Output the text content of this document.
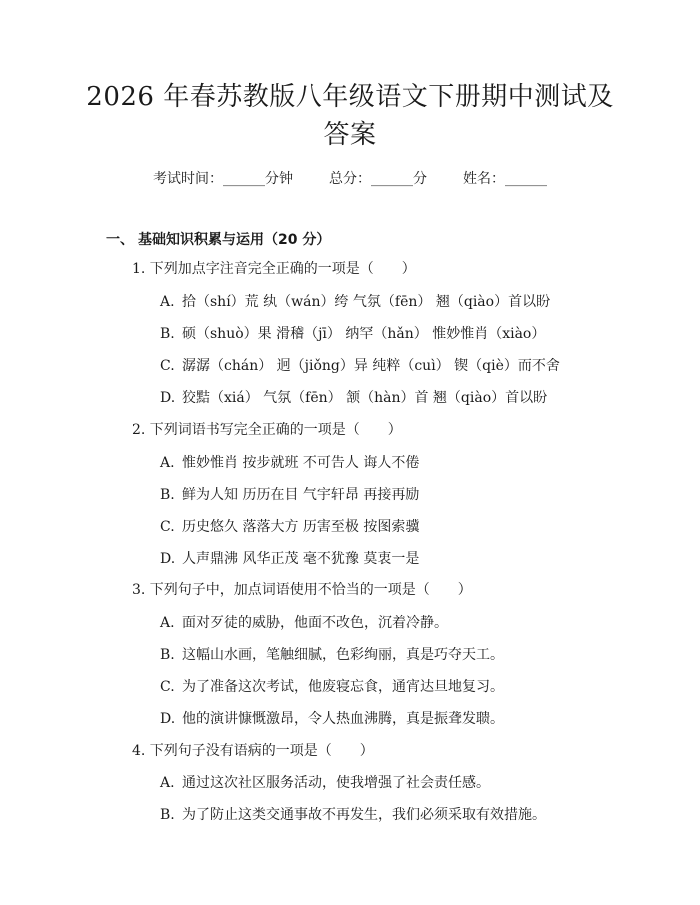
2026 年春苏教版八年级语文下册期中测试及
答案
考试时间：______分钟	总分：______分	姓名：______
一、 基础知识积累与运用（20 分）
1. 下列加点字注音完全正确的一项是（　　）
A. 拾（shí）荒 纨（wán）绔 气氛（fēn） 翘（qiào）首以盼
B. 硕（shuò）果 滑稽（jī） 纳罕（hǎn） 惟妙惟肖（xiào）
C. 潺潺（chán） 迥（jiǒng）异 纯粹（cuì） 锲（qiè）而不舍
D. 狡黠（xiá） 气氛（fēn） 颔（hàn）首 翘（qiào）首以盼
2. 下列词语书写完全正确的一项是（　　）
A. 惟妙惟肖 按步就班 不可告人 诲人不倦
B. 鲜为人知 历历在目 气宇轩昂 再接再励
C. 历史悠久 落落大方 历害至极 按图索骥
D. 人声鼎沸 风华正茂 毫不犹豫 莫衷一是
3. 下列句子中，加点词语使用不恰当的一项是（　　）
A. 面对歹徒的威胁，他面不改色，沉着冷静。
B. 这幅山水画，笔触细腻，色彩绚丽，真是巧夺天工。
C. 为了准备这次考试，他废寝忘食，通宵达旦地复习。
D. 他的演讲慷慨激昂，令人热血沸腾，真是振聋发聩。
4. 下列句子没有语病的一项是（　　）
A. 通过这次社区服务活动，使我增强了社会责任感。
B. 为了防止这类交通事故不再发生，我们必须采取有效措施。
